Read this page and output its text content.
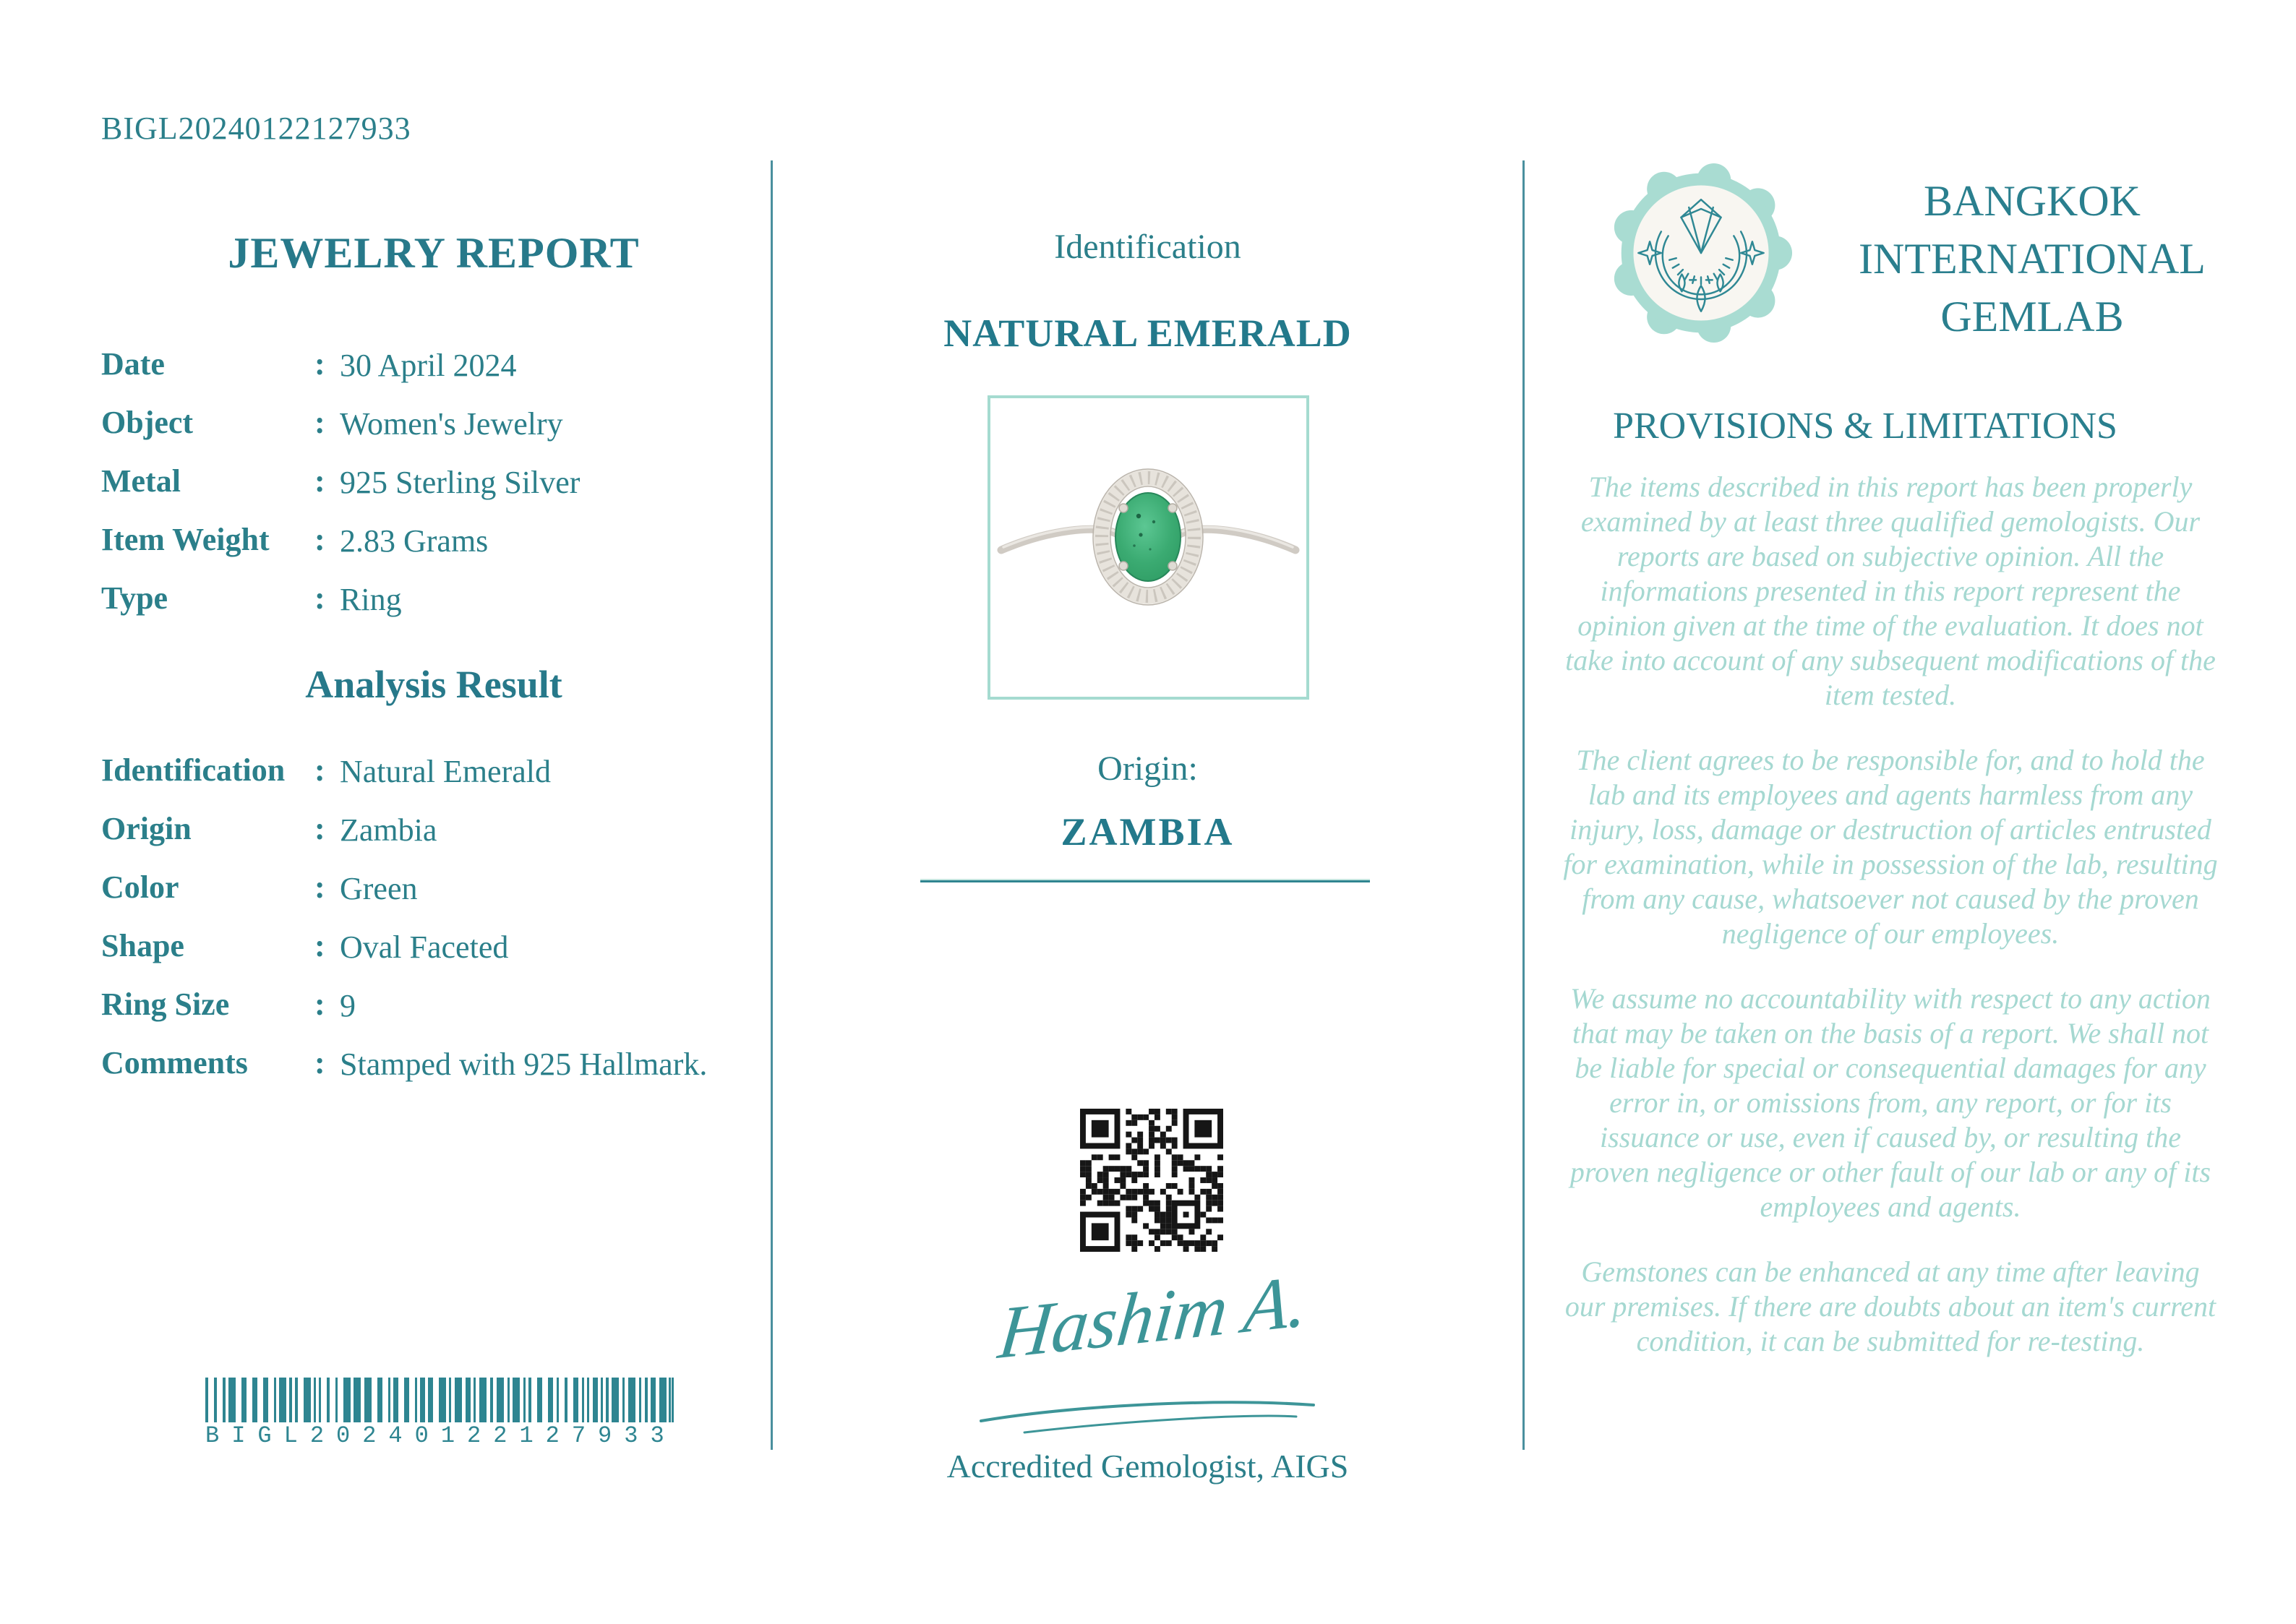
BIGL20240122127933
JEWELRY REPORT
Date	: 30 April 2024
Object	: Women's Jewelry
Metal	: 925 Sterling Silver
Item Weight : 2.83 Grams
Type	: Ring
Analysis Result
Identification : Natural Emerald
Origin	: Zambia
Color	: Green
Shape	: Oval Faceted
Ring Size	: 9
Comments : Stamped with 925 Hallmark.
BIGL20240122127933
Identification
NATURAL EMERALD
Origin:
ZAMBIA
Hashim A.
Accredited Gemologist, AIGS
BANGKOK
INTERNATIONAL
GEMLAB
PROVISIONS & LIMITATIONS

The items described in this report has been properly examined by at least three qualified gemologists. Our reports are based on subjective opinion. All the informations presented in this report represent the opinion given at the time of the evaluation. It does not take into account of any subsequent modifications of the item tested.

The client agrees to be responsible for, and to hold the lab and its employees and agents harmless from any injury, loss, damage or destruction of articles entrusted for examination, while in possession of the lab, resulting from any cause, whatsoever not caused by the proven negligence of our employees.

We assume no accountability with respect to any action that may be taken on the basis of a report. We shall not be liable for special or consequential damages for any error in, or omissions from, any report, or for its issuance or use, even if caused by, or resulting the proven negligence or other fault of our lab or any of its employees and agents.

Gemstones can be enhanced at any time after leaving our premises. If there are doubts about an item's current condition, it can be submitted for re-testing.
